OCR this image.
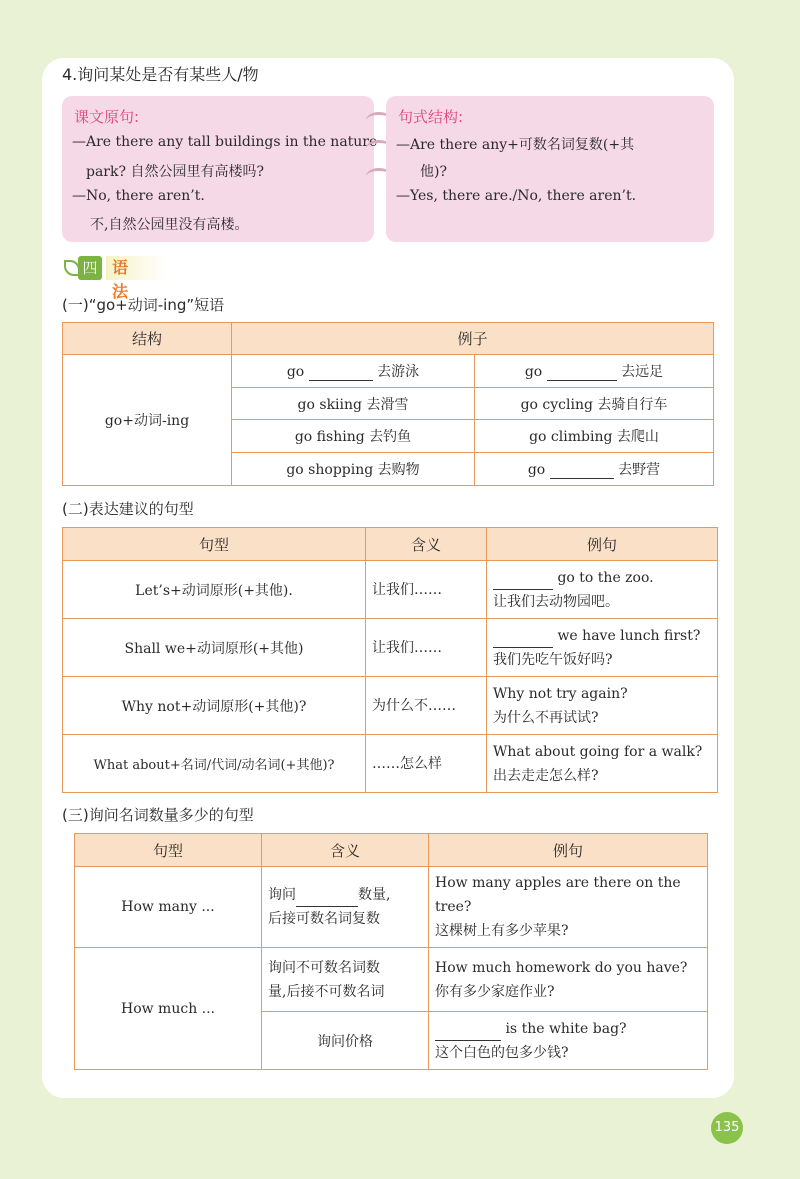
4.询问某处是否有某些人/物
课文原句:
—Are there any tall buildings in the nature
park? 自然公园里有高楼吗?
—No, there aren’t.
不,自然公园里没有高楼。
句式结构:
—Are there any+可数名词复数(+其
他)?
—Yes, there are./No, there aren’t.
四 语法
(一)“go+动词-ing”短语
结构	例子	
go+动词-ing	go 去游泳	go 去远足
	go skiing 去滑雪	go cycling 去骑自行车
	go fishing 去钓鱼	go climbing 去爬山
	go shopping 去购物	go 去野营
(二)表达建议的句型
句型	含义	例句
Let’s+动词原形(+其他).	让我们……	go to the zoo.
让我们去动物园吧。
Shall we+动词原形(+其他)	让我们……	we have lunch first?
我们先吃午饭好吗?
Why not+动词原形(+其他)?	为什么不……	Why not try again?
为什么不再试试?
What about+名词/代词/动名词(+其他)?	……怎么样	What about going for a walk?
出去走走怎么样?
(三)询问名词数量多少的句型
句型	含义	例句
How many ...	询问 数量,
后接可数名词复数	How many apples are there on the tree?
这棵树上有多少苹果?
How much ...	询问不可数名词数
量,后接不可数名词	How much homework do you have?
你有多少家庭作业?
	询问价格	is the white bag?
这个白色的包多少钱?
135
